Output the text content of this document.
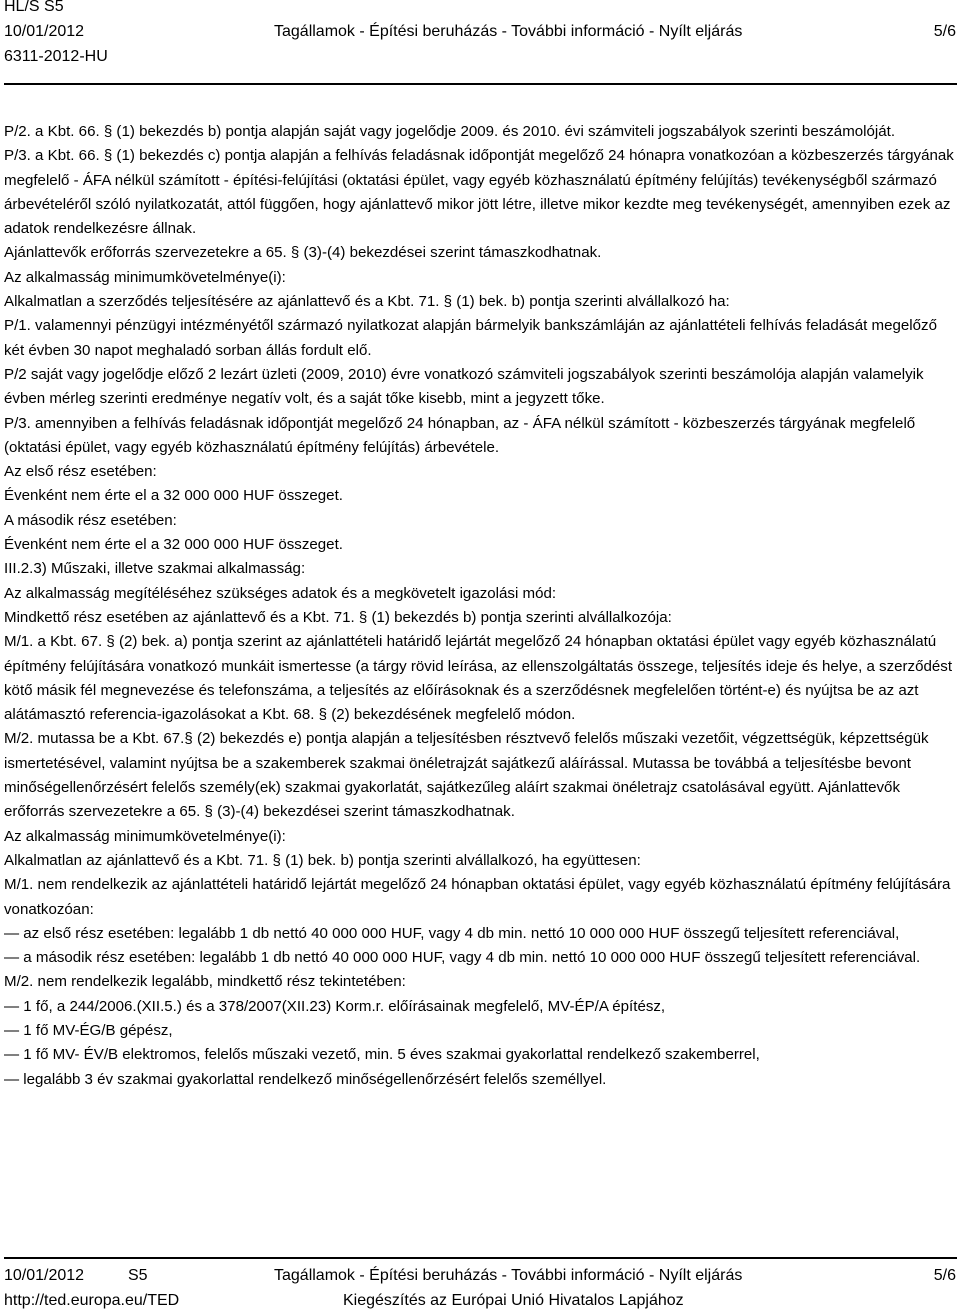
HL/S S5
10/01/2012
6311-2012-HU
Tagállamok - Építési beruházás - További információ - Nyílt eljárás	5/6

P/2. a Kbt. 66. § (1) bekezdés b) pontja alapján saját vagy jogelődje 2009. és 2010. évi számviteli jogszabályok szerinti beszámolóját.

P/3. a Kbt. 66. § (1) bekezdés c) pontja alapján a felhívás feladásnak időpontját megelőző 24 hónapra vonatkozóan a közbeszerzés tárgyának megfelelő - ÁFA nélkül számított - építési-felújítási (oktatási épület, vagy egyéb közhasználatú építmény felújítás) tevékenységből származó árbevételéről szóló nyilatkozatát, attól függően, hogy ajánlattevő mikor jött létre, illetve mikor kezdte meg tevékenységét, amennyiben ezek az adatok rendelkezésre állnak.

Ajánlattevők erőforrás szervezetekre a 65. § (3)-(4) bekezdései szerint támaszkodhatnak.

Az alkalmasság minimumkövetelménye(i):

Alkalmatlan a szerződés teljesítésére az ajánlattevő és a Kbt. 71. § (1) bek. b) pontja szerinti alvállalkozó ha:

P/1. valamennyi pénzügyi intézményétől származó nyilatkozat alapján bármelyik bankszámláján az ajánlattételi felhívás feladását megelőző két évben 30 napot meghaladó sorban állás fordult elő.

P/2 saját vagy jogelődje előző 2 lezárt üzleti (2009, 2010) évre vonatkozó számviteli jogszabályok szerinti beszámolója alapján valamelyik évben mérleg szerinti eredménye negatív volt, és a saját tőke kisebb, mint a jegyzett tőke.

P/3. amennyiben a felhívás feladásnak időpontját megelőző 24 hónapban, az - ÁFA nélkül számított - közbeszerzés tárgyának megfelelő (oktatási épület, vagy egyéb közhasználatú építmény felújítás) árbevétele.

Az első rész esetében:

Évenként nem érte el a 32 000 000 HUF összeget.

A második rész esetében:

Évenként nem érte el a 32 000 000 HUF összeget.

III.2.3) Műszaki, illetve szakmai alkalmasság:

Az alkalmasság megítéléséhez szükséges adatok és a megkövetelt igazolási mód:

Mindkettő rész esetében az ajánlattevő és a Kbt. 71. § (1) bekezdés b) pontja szerinti alvállalkozója:

M/1. a Kbt. 67. § (2) bek. a) pontja szerint az ajánlattételi határidő lejártát megelőző 24 hónapban oktatási épület vagy egyéb közhasználatú építmény felújítására vonatkozó munkáit ismertesse (a tárgy rövid leírása, az ellenszolgáltatás összege, teljesítés ideje és helye, a szerződést kötő másik fél megnevezése és telefonszáma, a teljesítés az előírásoknak és a szerződésnek megfelelően történt-e) és nyújtsa be az azt alátámasztó referencia-igazolásokat a Kbt. 68. § (2) bekezdésének megfelelő módon.

M/2. mutassa be a Kbt. 67.§ (2) bekezdés e) pontja alapján a teljesítésben résztvevő felelős műszaki vezetőit, végzettségük, képzettségük ismertetésével, valamint nyújtsa be a szakemberek szakmai önéletrajzát sajátkezű aláírással. Mutassa be továbbá a teljesítésbe bevont minőségellenőrzésért felelős személy(ek) szakmai gyakorlatát, sajátkezűleg aláírt szakmai önéletrajz csatolásával együtt. Ajánlattevők erőforrás szervezetekre a 65. § (3)-(4) bekezdései szerint támaszkodhatnak.

Az alkalmasság minimumkövetelménye(i):

Alkalmatlan az ajánlattevő és a Kbt. 71. § (1) bek. b) pontja szerinti alvállalkozó, ha együttesen:

M/1. nem rendelkezik az ajánlattételi határidő lejártát megelőző 24 hónapban oktatási épület, vagy egyéb közhasználatú építmény felújítására vonatkozóan:

— az első rész esetében: legalább 1 db nettó 40 000 000 HUF, vagy 4 db min. nettó 10 000 000 HUF összegű teljesített referenciával,

— a második rész esetében: legalább 1 db nettó 40 000 000 HUF, vagy 4 db min. nettó 10 000 000 HUF összegű teljesített referenciával.

M/2. nem rendelkezik legalább, mindkettő rész tekintetében:

— 1 fő, a 244/2006.(XII.5.) és a 378/2007(XII.23) Korm.r. előírásainak megfelelő, MV-ÉP/A építész,

— 1 fő MV-ÉG/B gépész,

— 1 fő MV- ÉV/B elektromos, felelős műszaki vezető, min. 5 éves szakmai gyakorlattal rendelkező szakemberrel,

— legalább 3 év szakmai gyakorlattal rendelkező minőségellenőrzésért felelős személlyel.

10/01/2012	S5
http://ted.europa.eu/TED
Tagállamok - Építési beruházás - További információ - Nyílt eljárás
Kiegészítés az Európai Unió Hivatalos Lapjához
5/6
